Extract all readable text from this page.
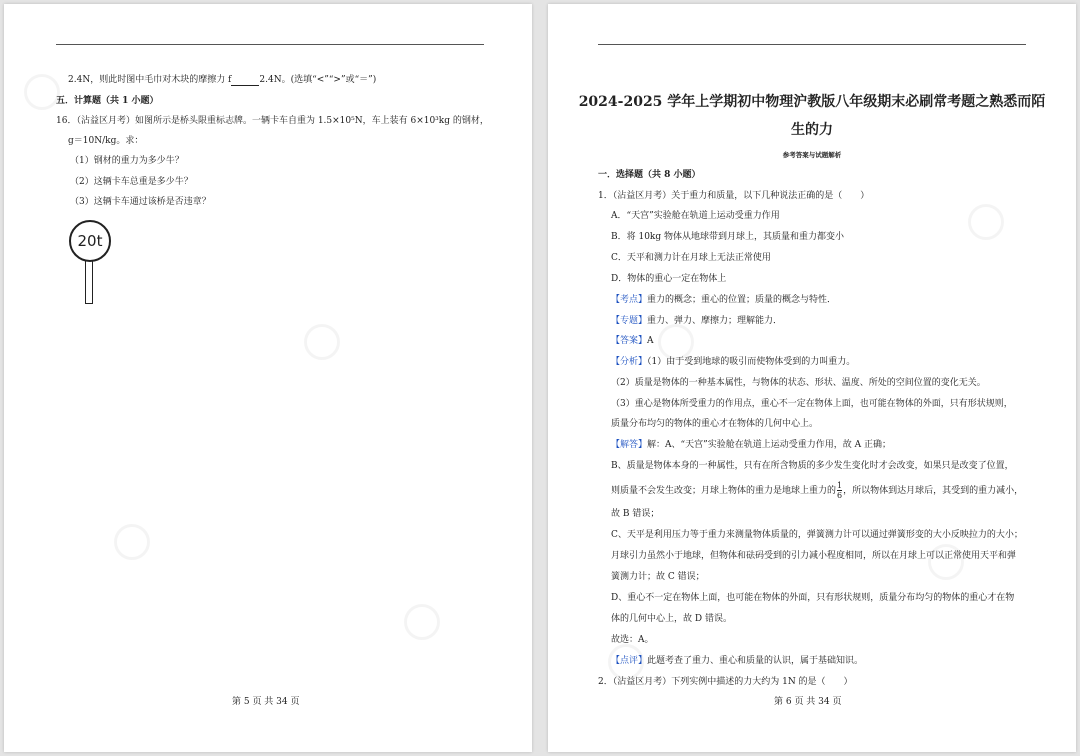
2.4N，则此时图中毛巾对木块的摩擦力 f	2.4N。(选填“<”“>”或“＝”)
五．计算题（共 1 小题）
16．（沾益区月考）如图所示是桥头限重标志牌。一辆卡车自重为 1.5×10⁵N，车上装有 6×10³kg 的钢材，
g＝10N/kg。求：
（1）钢材的重力为多少牛？
（2）这辆卡车总重是多少牛？
（3）这辆卡车通过该桥是否违章？
20t
第 5 页 共 34 页
2024-2025 学年上学期初中物理沪教版八年级期末必刷常考题之熟悉而陌
生的力
参考答案与试题解析
一．选择题（共 8 小题）
1．（沾益区月考）关于重力和质量，以下几种说法正确的是（　　）
A．“天宫”实验舱在轨道上运动受重力作用
B．将 10kg 物体从地球带到月球上，其质量和重力都变小
C．天平和测力计在月球上无法正常使用
D．物体的重心一定在物体上
【考点】重力的概念；重心的位置；质量的概念与特性．
【专题】重力、弹力、摩擦力；理解能力．
【答案】A
【分析】（1）由于受到地球的吸引而使物体受到的力叫重力。
（2）质量是物体的一种基本属性，与物体的状态、形状、温度、所处的空间位置的变化无关。
（3）重心是物体所受重力的作用点，重心不一定在物体上面，也可能在物体的外面，只有形状规则，
质量分布均匀的物体的重心才在物体的几何中心上。
【解答】解：A、“天宫”实验舱在轨道上运动受重力作用，故 A 正确；
B、质量是物体本身的一种属性，只有在所含物质的多少发生变化时才会改变，如果只是改变了位置，
则质量不会发生改变；月球上物体的重力是地球上重力的 $\frac{1}{6}$ ，所以物体到达月球后，其受到的重力减小，
故 B 错误；
C、天平是利用压力等于重力来测量物体质量的，弹簧测力计可以通过弹簧形变的大小反映拉力的大小；
月球引力虽然小于地球，但物体和砝码受到的引力减小程度相同，所以在月球上可以正常使用天平和弹
簧测力计；故 C 错误；
D、重心不一定在物体上面，也可能在物体的外面，只有形状规则，质量分布均匀的物体的重心才在物
体的几何中心上，故 D 错误。
故选：A。
【点评】此题考查了重力、重心和质量的认识，属于基础知识。
2．（沾益区月考）下列实例中描述的力大约为 1N 的是（　　）
第 6 页 共 34 页
